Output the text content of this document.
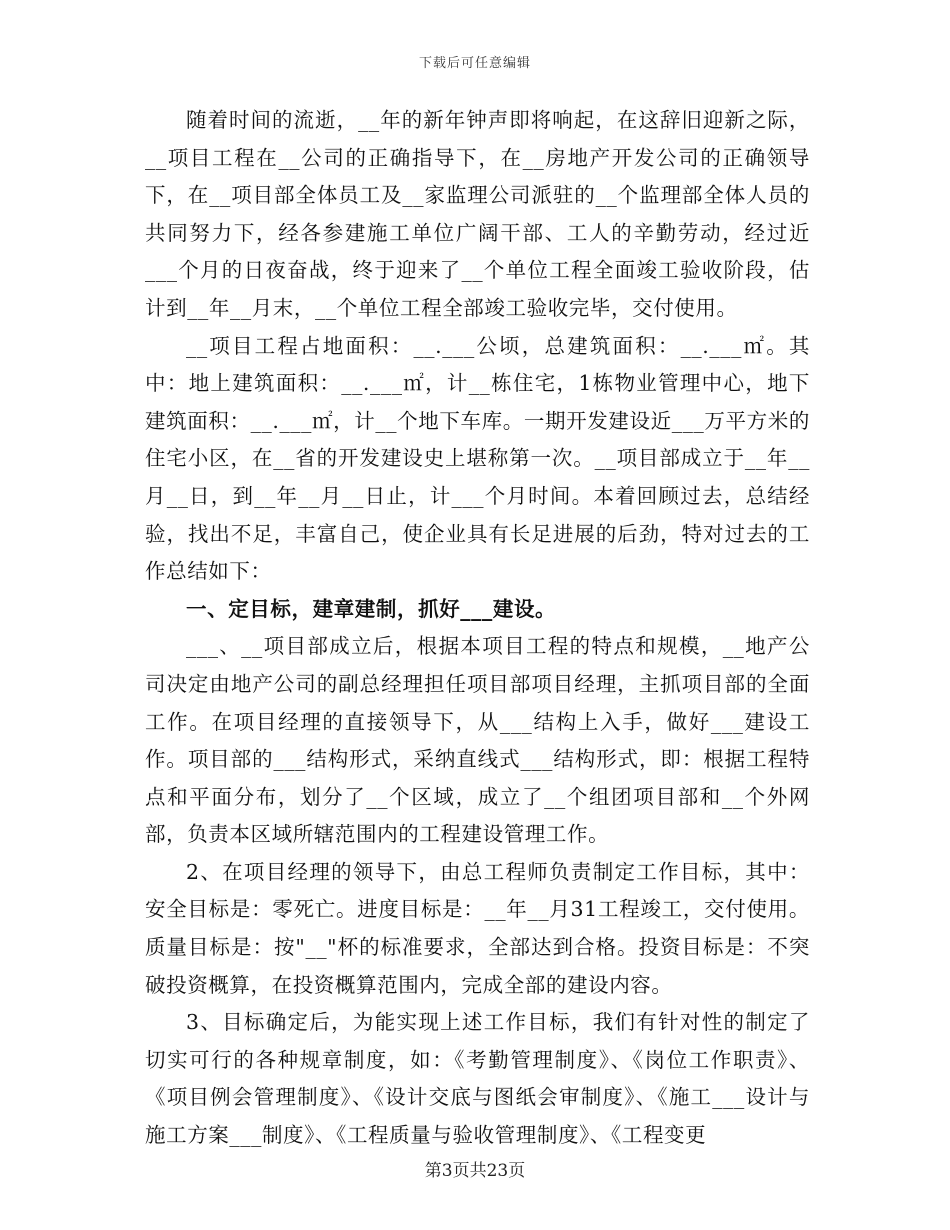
下载后可任意编辑

随着时间的流逝，__年的新年钟声即将响起，在这辞旧迎新之际，__项目工程在__公司的正确指导下，在__房地产开发公司的正确领导下，在__项目部全体员工及__家监理公司派驻的__个监理部全体人员的共同努力下，经各参建施工单位广阔干部、工人的辛勤劳动，经过近___个月的日夜奋战，终于迎来了__个单位工程全面竣工验收阶段，估计到__年__月末，__个单位工程全部竣工验收完毕，交付使用。

__项目工程占地面积：__.___公顷，总建筑面积：__.___㎡。其中：地上建筑面积：__.___㎡，计__栋住宅，1栋物业管理中心，地下建筑面积：__.___㎡，计__个地下车库。一期开发建设近___万平方米的住宅小区，在__省的开发建设史上堪称第一次。__项目部成立于__年__月__日，到__年__月__日止，计___个月时间。本着回顾过去，总结经验，找出不足，丰富自己，使企业具有长足进展的后劲，特对过去的工作总结如下：

一、定目标，建章建制，抓好___建设。

___、__项目部成立后，根据本项目工程的特点和规模，__地产公司决定由地产公司的副总经理担任项目部项目经理，主抓项目部的全面工作。在项目经理的直接领导下，从___结构上入手，做好___建设工作。项目部的___结构形式，采纳直线式___结构形式，即：根据工程特点和平面分布，划分了__个区域，成立了__个组团项目部和__个外网部，负责本区域所辖范围内的工程建设管理工作。

2、在项目经理的领导下，由总工程师负责制定工作目标，其中：安全目标是：零死亡。进度目标是：__年__月31工程竣工，交付使用。质量目标是：按"__"杯的标准要求，全部达到合格。投资目标是：不突破投资概算，在投资概算范围内，完成全部的建设内容。

3、目标确定后，为能实现上述工作目标，我们有针对性的制定了切实可行的各种规章制度，如：《考勤管理制度》、《岗位工作职责》、《项目例会管理制度》、《设计交底与图纸会审制度》、《施工___设计与施工方案___制度》、《工程质量与验收管理制度》、《工程变更

第3页共23页
